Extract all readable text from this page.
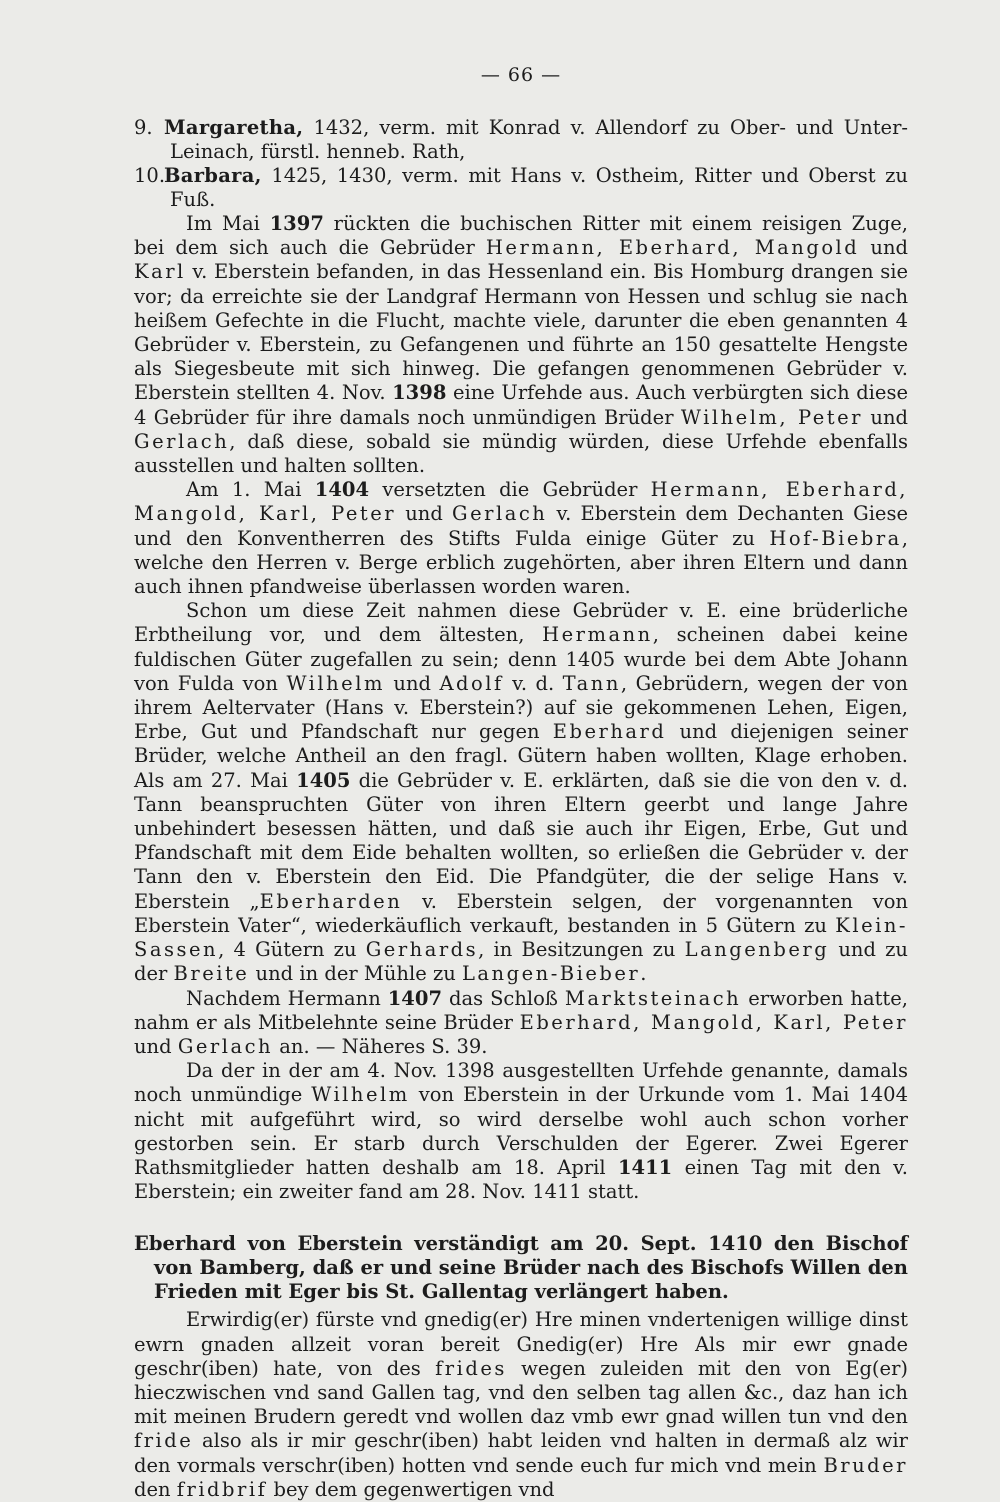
— 66 —

9. Margaretha, 1432, verm. mit Konrad v. Allendorf zu Ober- und Unter-Leinach, fürstl. henneb. Rath,

10.Barbara, 1425, 1430, verm. mit Hans v. Ostheim, Ritter und Oberst zu Fuß.

Im Mai 1397 rückten die buchischen Ritter mit einem reisigen Zuge, bei dem sich auch die Gebrüder Hermann, Eberhard, Mangold und Karl v. Eberstein befanden, in das Hessenland ein. Bis Homburg drangen sie vor; da erreichte sie der Landgraf Hermann von Hessen und schlug sie nach heißem Gefechte in die Flucht, machte viele, darunter die eben genannten 4 Gebrüder v. Eberstein, zu Gefangenen und führte an 150 gesattelte Hengste als Siegesbeute mit sich hinweg. Die gefangen genommenen Gebrüder v. Eberstein stellten 4. Nov. 1398 eine Urfehde aus. Auch verbürgten sich diese 4 Gebrüder für ihre damals noch unmündigen Brüder Wilhelm, Peter und Gerlach, daß diese, sobald sie mündig würden, diese Urfehde ebenfalls ausstellen und halten sollten.

Am 1. Mai 1404 versetzten die Gebrüder Hermann, Eberhard, Mangold, Karl, Peter und Gerlach v. Eberstein dem Dechanten Giese und den Konventherren des Stifts Fulda einige Güter zu Hof-Biebra, welche den Herren v. Berge erblich zugehörten, aber ihren Eltern und dann auch ihnen pfandweise überlassen worden waren.

Schon um diese Zeit nahmen diese Gebrüder v. E. eine brüderliche Erbtheilung vor, und dem ältesten, Hermann, scheinen dabei keine fuldischen Güter zugefallen zu sein; denn 1405 wurde bei dem Abte Johann von Fulda von Wilhelm und Adolf v. d. Tann, Gebrüdern, wegen der von ihrem Aeltervater (Hans v. Eberstein?) auf sie gekommenen Lehen, Eigen, Erbe, Gut und Pfandschaft nur gegen Eberhard und diejenigen seiner Brüder, welche Antheil an den fragl. Gütern haben wollten, Klage erhoben. Als am 27. Mai 1405 die Gebrüder v. E. erklärten, daß sie die von den v. d. Tann beanspruchten Güter von ihren Eltern geerbt und lange Jahre unbehindert besessen hätten, und daß sie auch ihr Eigen, Erbe, Gut und Pfandschaft mit dem Eide behalten wollten, so erließen die Gebrüder v. der Tann den v. Eberstein den Eid. Die Pfandgüter, die der selige Hans v. Eberstein „Eberharden v. Eberstein selgen, der vorgenannten von Eberstein Vater“, wiederkäuflich verkauft, bestanden in 5 Gütern zu Klein-Sassen, 4 Gütern zu Gerhards, in Besitzungen zu Langenberg und zu der Breite und in der Mühle zu Langen-Bieber.

Nachdem Hermann 1407 das Schloß Marktsteinach erworben hatte, nahm er als Mitbelehnte seine Brüder Eberhard, Mangold, Karl, Peter und Gerlach an. — Näheres S. 39.

Da der in der am 4. Nov. 1398 ausgestellten Urfehde genannte, damals noch unmündige Wilhelm von Eberstein in der Urkunde vom 1. Mai 1404 nicht mit aufgeführt wird, so wird derselbe wohl auch schon vorher gestorben sein. Er starb durch Verschulden der Egerer. Zwei Egerer Rathsmitglieder hatten deshalb am 18. April 1411 einen Tag mit den v. Eberstein; ein zweiter fand am 28. Nov. 1411 statt.

Eberhard von Eberstein verständigt am 20. Sept. 1410 den Bischof von Bamberg, daß er und seine Brüder nach des Bischofs Willen den Frieden mit Eger bis St. Gallentag verlängert haben.

Erwirdig(er) fürste vnd gnedig(er) Hre minen vndertenigen willige dinst ewrn gnaden allzeit voran bereit Gnedig(er) Hre Als mir ewr gnade geschr(iben) hate, von des frides wegen zuleiden mit den von Eg(er) hieczwischen vnd sand Gallen tag, vnd den selben tag allen &c., daz han ich mit meinen Brudern geredt vnd wollen daz vmb ewr gnad willen tun vnd den fride also als ir mir geschr(iben) habt leiden vnd halten in dermaß alz wir den vormals verschr(iben) hotten vnd sende euch fur mich vnd mein Bruder den fridbrif bey dem gegenwertigen vnd
